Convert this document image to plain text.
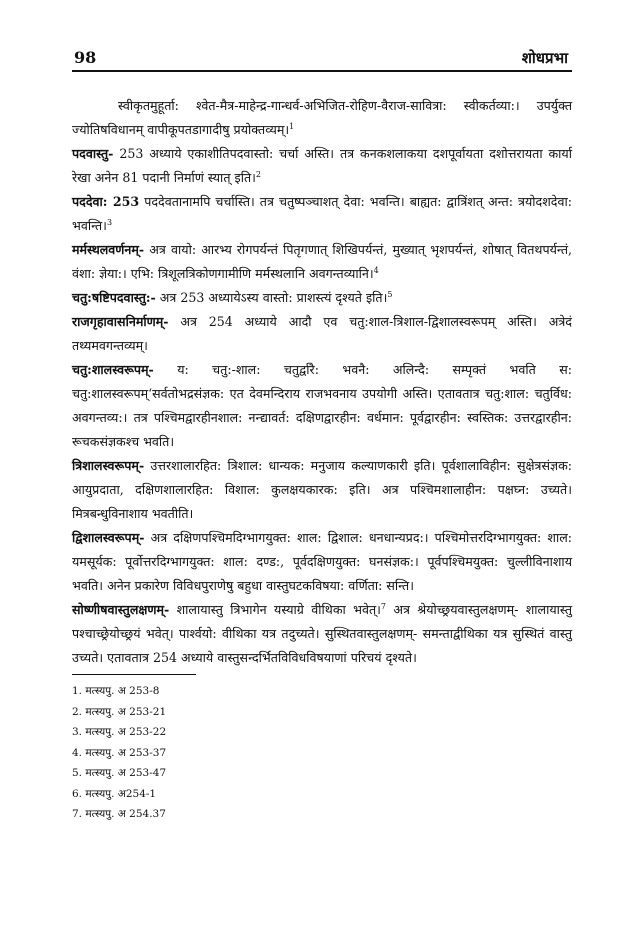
98	शोधप्रभा

स्वीकृतमुहूर्ता: श्वेत-मैत्र-माहेन्द्र-गान्धर्व-अभिजित-रोहिण-वैराज-सावित्रा: स्वीकर्तव्या:। उपर्युक्त ज्योतिषविधानम् वापीकूपतडागादीषु प्रयोक्तव्यम्।$^1$

पदवास्तु- 253 अध्याये एकाशीतिपदवास्तो: चर्चा अस्ति। तत्र कनकशलाकया दशपूर्वायता दशोत्तरायता कार्या रेखा अनेन 81 पदानी निर्माणं स्यात् इति।$^2$

पददेवा: 253 पददेवतानामपि चर्चास्ति। तत्र चतुष्पञ्चाशत् देवा: भवन्ति। बाह्यत: द्वात्रिंशत् अन्त: त्रयोदशदेवा: भवन्ति।$^3$

मर्मस्थलवर्णनम्- अत्र वायो: आरभ्य रोगपर्यन्तं पितृगणात् शिखिपर्यन्तं, मुख्यात् भृशपर्यन्तं, शोषात् वितथपर्यन्तं, वंशा: ज्ञेया:। एभि: त्रिशूलत्रिकोणगामीणि मर्मस्थलानि अवगन्तव्यानि।$^4$

चतु:षष्टिपदवास्तु:- अत्र 253 अध्याये‍ऽस्य वास्तो: प्राशस्त्यं दृश्यते इति।$^5$

राजगृहावासनिर्माणम्- अत्र 254 अध्याये आदौ एव चतु:शाल-त्रिशाल-द्विशालस्वरूपम् अस्ति। अत्रेदं तथ्यमवगन्तव्यम्।

चतु:शालस्वरूपम्- य: चतु:-शाल: चतुर्द्वारै: भवनै: अलिन्दै: सम्पृक्तं भवति स: चतु:शालस्वरूपम्‘सर्वतोभद्रसंज्ञक: एत देवमन्दिराय राजभवनाय उपयोगी अस्ति। एतावतात्र चतु:शाल: चतुर्विध: अवगन्तव्य:। तत्र पश्चिमद्वारहीनशाल: नन्द्यावर्त: दक्षिणद्वारहीन: वर्धमान: पूर्वद्वारहीन: स्वस्तिक: उत्तरद्वारहीन: रूचकसंज्ञकश्च भवति।

त्रिशालस्वरूपम्- उत्तरशालारहित: त्रिशाल: धान्यक: मनुजाय कल्याणकारी इति। पूर्वशालाविहीन: सुक्षेत्रसंज्ञक: आयुप्रदाता, दक्षिणशालारहित: विशाल: कुलक्षयकारक: इति। अत्र पश्चिमशालाहीन: पक्षघ्न: उच्यते। मित्रबन्धुविनाशाय भवतीति।

द्विशालस्वरूपम्- अत्र दक्षिणपश्चिमदिग्भागयुक्त: शाल: द्विशाल: धनधान्यप्रद:। पश्चिमोत्तरदिग्भागयुक्त: शाल: यमसूर्यक: पूर्वोत्तरदिग्भागयुक्त: शाल: दण्ड:, पूर्वदक्षिणयुक्त: घनसंज्ञक:। पूर्वपश्चिमयुक्त: चुल्लीविनाशाय भवति। अनेन प्रकारेण विविधपुराणेषु बहुधा वास्तुघटकविषया: वर्णिता: सन्ति।

सोष्णीषवास्तुलक्षणम्- शालायास्तु त्रिभागेन यस्याग्रे वीथिका भवेत्।$^7$ अत्र श्रेयोच्छ्रयवास्तुलक्षणम्- शालायास्तु पश्चाच्छ्रेयोच्छ्रयं भवेत्। पार्श्वयो: वीथिका यत्र तदुच्यते। सुस्थितवास्तुलक्षणम्- समन्ताद्वीथिका यत्र सुस्थितं वास्तु उच्यते। एतावतात्र 254 अध्याये वास्तुसन्दर्भितविविधविषयाणां परिचयं दृश्यते।

1. मत्स्यपु. अ 253-8
2. मत्स्यपु. अ 253-21
3. मत्स्यपु. अ 253-22
4. मत्स्यपु. अ 253-37
5. मत्स्यपु. अ 253-47
6. मत्स्यपु. अ254-1
7. मत्स्यपु. अ 254.37
